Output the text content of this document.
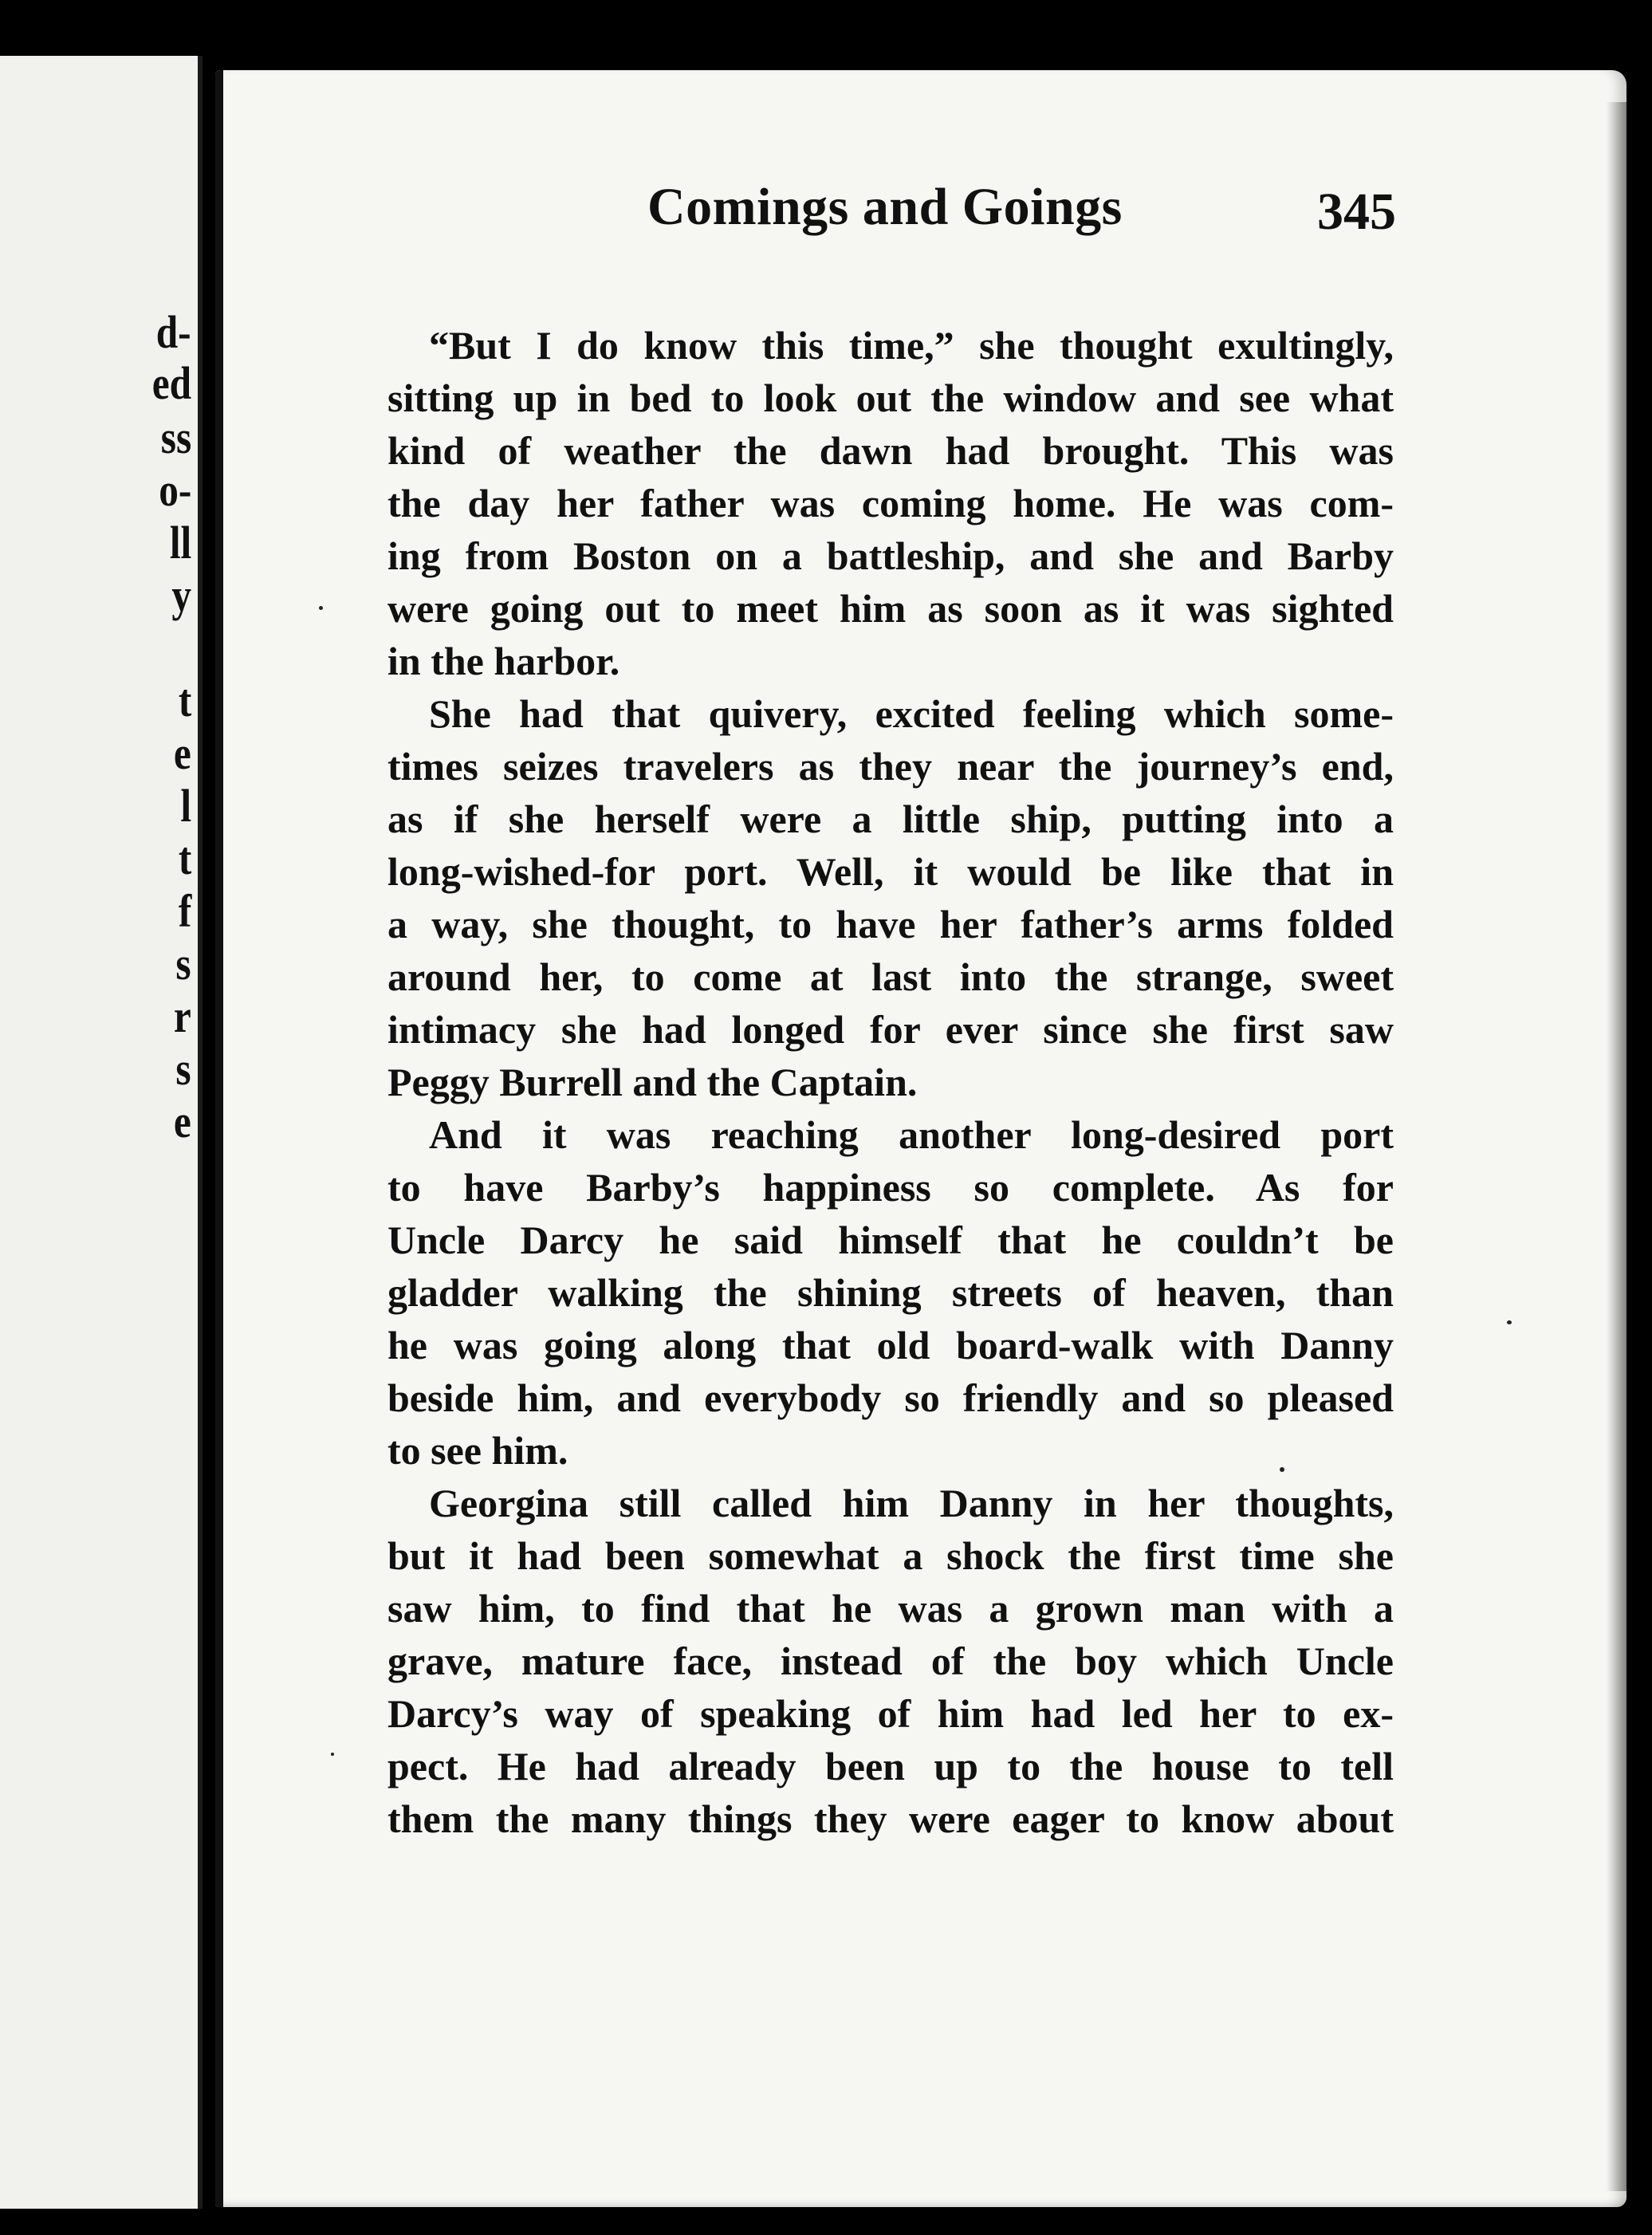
d-
ed
ss
o-
ll
y
t
e
l
t
f
s
r
s
e
Comings and Goings	345
“But I do know this time,” she thought exultingly,
sitting up in bed to look out the window and see what
kind of weather the dawn had brought. This was
the day her father was coming home. He was com-
ing from Boston on a battleship, and she and Barby
were going out to meet him as soon as it was sighted
in the harbor.
She had that quivery, excited feeling which some-
times seizes travelers as they near the journey’s end,
as if she herself were a little ship, putting into a
long-wished-for port. Well, it would be like that in
a way, she thought, to have her father’s arms folded
around her, to come at last into the strange, sweet
intimacy she had longed for ever since she first saw
Peggy Burrell and the Captain.
And it was reaching another long-desired port
to have Barby’s happiness so complete. As for
Uncle Darcy he said himself that he couldn’t be
gladder walking the shining streets of heaven, than
he was going along that old board-walk with Danny
beside him, and everybody so friendly and so pleased
to see him.
Georgina still called him Danny in her thoughts,
but it had been somewhat a shock the first time she
saw him, to find that he was a grown man with a
grave, mature face, instead of the boy which Uncle
Darcy’s way of speaking of him had led her to ex-
pect. He had already been up to the house to tell
them the many things they were eager to know about
